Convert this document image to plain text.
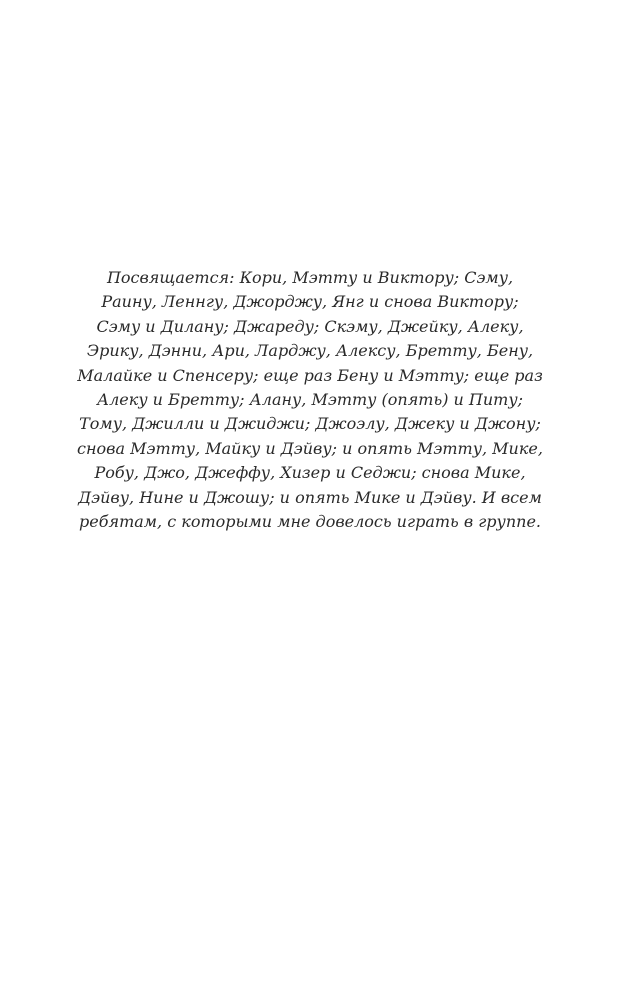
Посвящается: Кори, Мэтту и Виктору; Сэму,
Раину, Леннгу, Джорджу, Янг и снова Виктору;
Сэму и Дилану; Джареду; Скэму, Джейку, Алеку,
Эрику, Дэнни, Ари, Ларджу, Алексу, Бретту, Бену,
Малайке и Спенсеру; еще раз Бену и Мэтту; еще раз
Алеку и Бретту; Алану, Мэтту (опять) и Питу;
Тому, Джилли и Джиджи; Джоэлу, Джеку и Джону;
снова Мэтту, Майку и Дэйву; и опять Мэтту, Мике,
Робу, Джо, Джеффу, Хизер и Седжи; снова Мике,
Дэйву, Нине и Джошу; и опять Мике и Дэйву. И всем
ребятам, с которыми мне довелось играть в группе.
